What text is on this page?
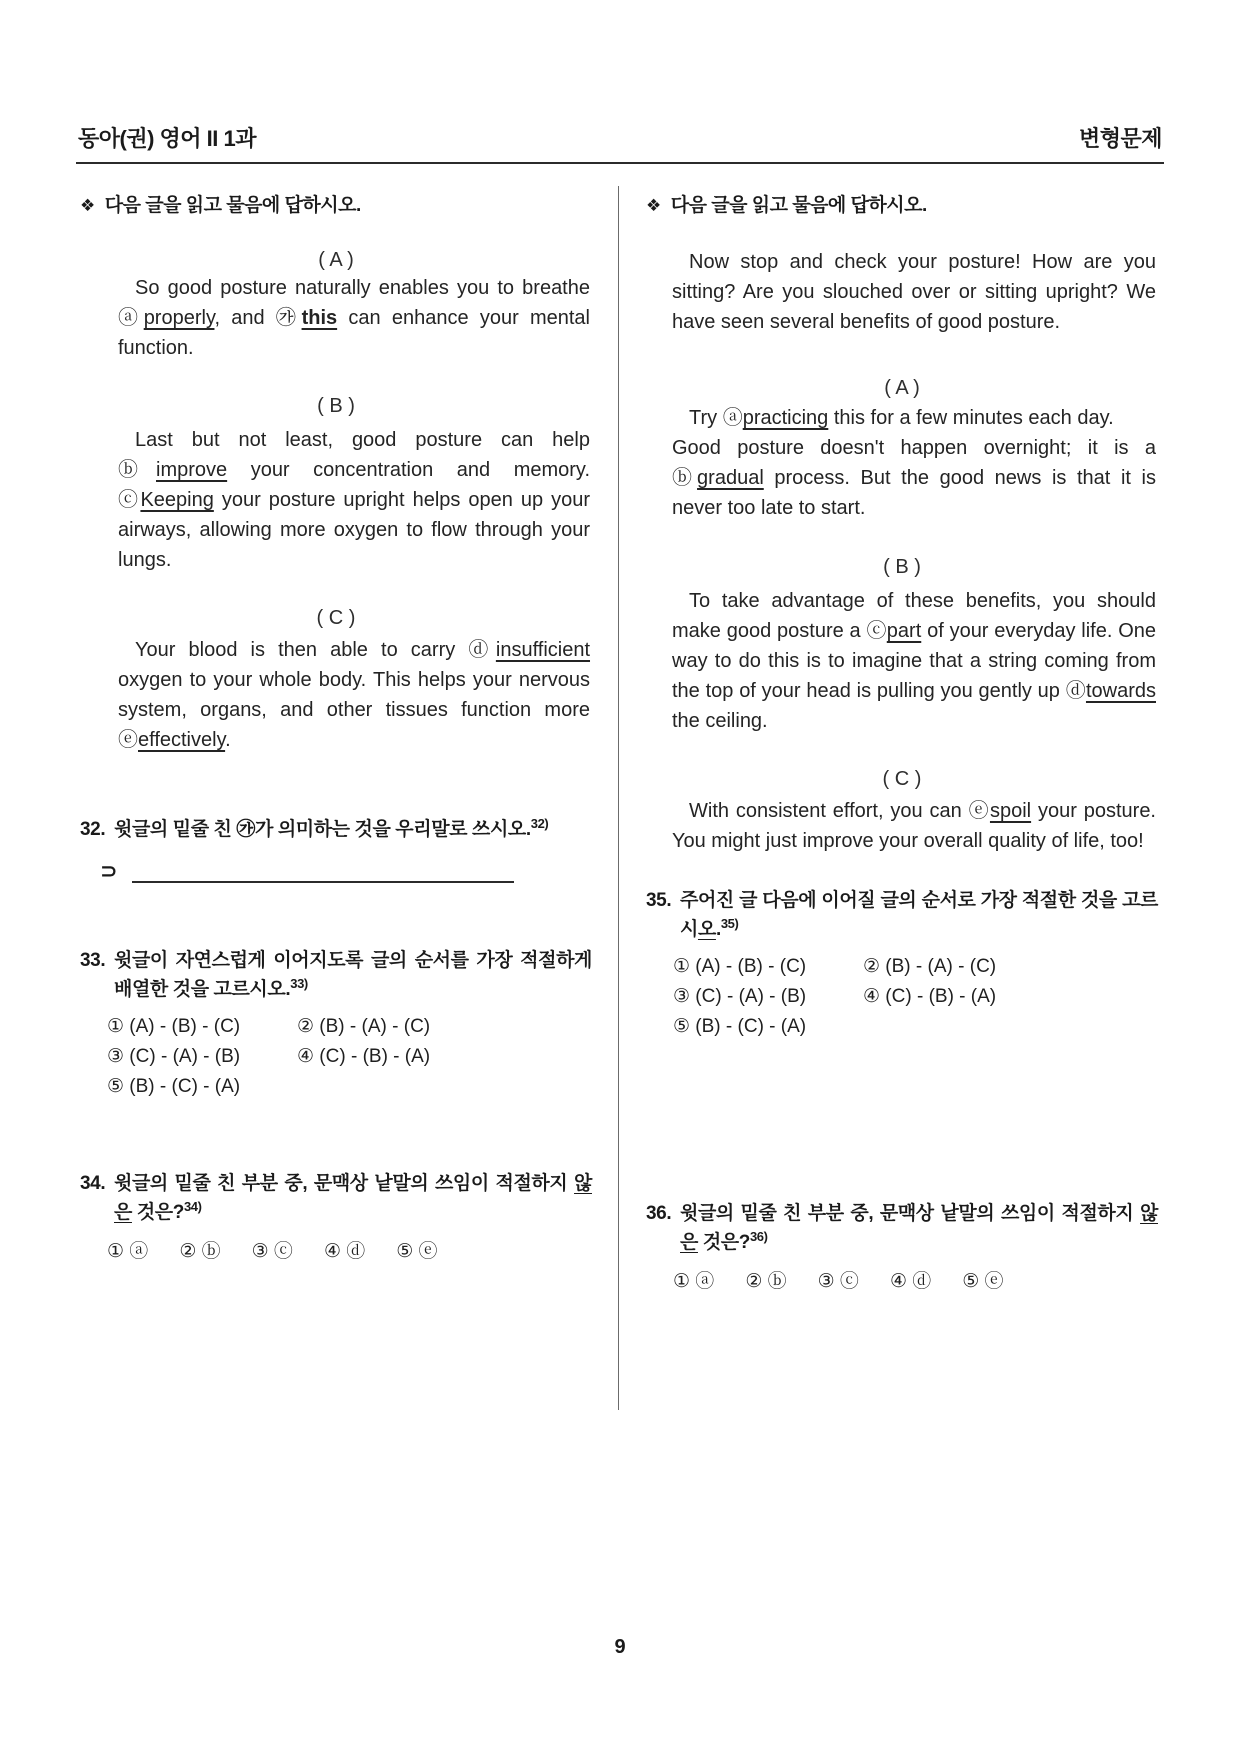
동아(권) 영어 II 1과	변형문제
❖ 다음 글을 읽고 물음에 답하시오.
( A )

So good posture naturally enables you to breathe ⓐproperly, and ㉮this can enhance your mental function.

( B )

Last but not least, good posture can help ⓑimprove your concentration and memory. ⓒKeeping your posture upright helps open up your airways, allowing more oxygen to flow through your lungs.

( C )

Your blood is then able to carry ⓓinsufficient oxygen to your whole body. This helps your nervous system, organs, and other tissues function more ⓔeffectively.

32. 윗글의 밑줄 친 ㉮가 의미하는 것을 우리말로 쓰시오.$^{32)}$
⊃
33. 윗글이 자연스럽게 이어지도록 글의 순서를 가장 적절하게 배열한 것을 고르시오.$^{33)}$
① (A) - (B) - (C)	② (B) - (A) - (C)
③ (C) - (A) - (B)	④ (C) - (B) - (A)
⑤ (B) - (C) - (A)
34. 윗글의 밑줄 친 부분 중, 문맥상 낱말의 쓰임이 적절하지 않은 것은?$^{34)}$
① ⓐ ② ⓑ ③ ⓒ ④ ⓓ ⑤ ⓔ
❖ 다음 글을 읽고 물음에 답하시오.

Now stop and check your posture! How are you sitting? Are you slouched over or sitting upright? We have seen several benefits of good posture.

( A )

Try ⓐpracticing this for a few minutes each day.

Good posture doesn't happen overnight; it is a ⓑgradual process. But the good news is that it is never too late to start.

( B )

To take advantage of these benefits, you should make good posture a ⓒpart of your everyday life. One way to do this is to imagine that a string coming from the top of your head is pulling you gently up ⓓtowards the ceiling.

( C )

With consistent effort, you can ⓔspoil your posture. You might just improve your overall quality of life, too!

35. 주어진 글 다음에 이어질 글의 순서로 가장 적절한 것을 고르시오.$^{35)}$
① (A) - (B) - (C)	② (B) - (A) - (C)
③ (C) - (A) - (B)	④ (C) - (B) - (A)
⑤ (B) - (C) - (A)
36. 윗글의 밑줄 친 부분 중, 문맥상 낱말의 쓰임이 적절하지 않은 것은?$^{36)}$
① ⓐ ② ⓑ ③ ⓒ ④ ⓓ ⑤ ⓔ
9
